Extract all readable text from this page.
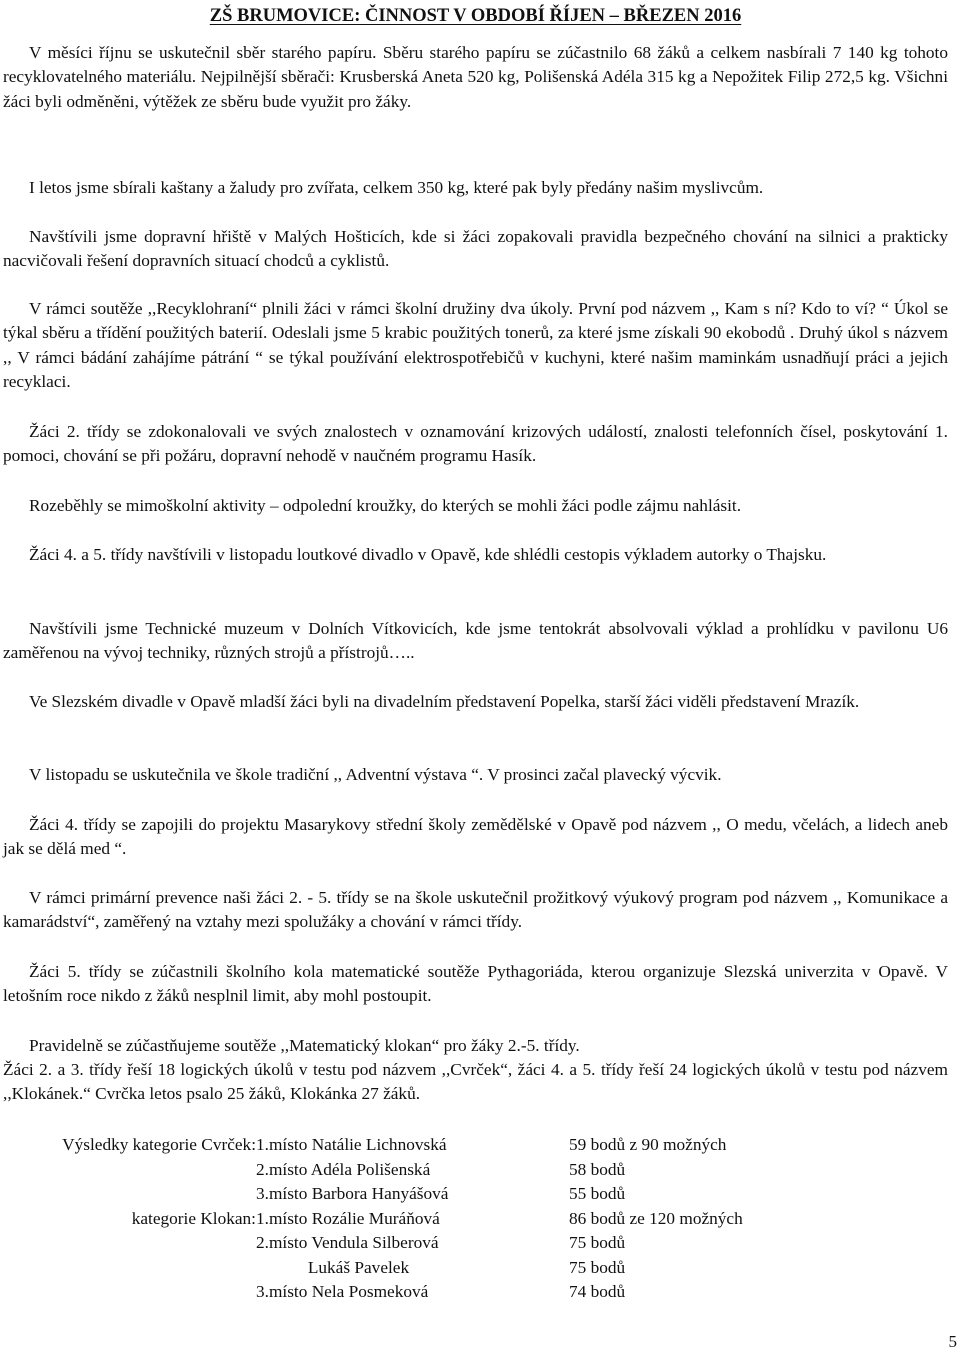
ZŠ BRUMOVICE: ČINNOST V OBDOBÍ ŘÍJEN – BŘEZEN 2016

V měsíci říjnu se uskutečnil sběr starého papíru. Sběru starého papíru se zúčastnilo 68 žáků a celkem nasbírali 7 140 kg tohoto recyklovatelného materiálu. Nejpilnější sběrači: Krusberská Aneta 520 kg, Polišenská Adéla 315 kg a Nepožitek Filip 272,5 kg. Všichni žáci byli odměněni, výtěžek ze sběru bude využit pro žáky.

I letos jsme sbírali kaštany a žaludy pro zvířata, celkem 350 kg, které pak byly předány našim myslivcům.

Navštívili jsme dopravní hřiště v Malých Hošticích, kde si žáci zopakovali pravidla bezpečného chování na silnici a prakticky nacvičovali řešení dopravních situací chodců a cyklistů.

V rámci soutěže ,,Recyklohraní“ plnili žáci v rámci školní družiny dva úkoly. První pod názvem ,, Kam s ní? Kdo to ví? “ Úkol se týkal sběru a třídění použitých baterií. Odeslali jsme 5 krabic použitých tonerů, za které jsme získali 90 ekobodů . Druhý úkol s názvem ,, V rámci bádání zahájíme pátrání “ se týkal používání elektrospotřebičů v kuchyni, které našim maminkám usnadňují práci a jejich recyklaci.

Žáci 2. třídy se zdokonalovali ve svých znalostech v oznamování krizových událostí, znalosti telefonních čísel, poskytování 1. pomoci, chování se při požáru, dopravní nehodě v naučném programu Hasík.

Rozeběhly se mimoškolní aktivity – odpolední kroužky, do kterých se mohli žáci podle zájmu nahlásit.

Žáci 4. a 5. třídy navštívili v listopadu loutkové divadlo v Opavě, kde shlédli cestopis výkladem autorky o Thajsku.

Navštívili jsme Technické muzeum v Dolních Vítkovicích, kde jsme tentokrát absolvovali výklad a prohlídku v pavilonu U6 zaměřenou na vývoj techniky, různých strojů a přístrojů…..

Ve Slezském divadle v Opavě mladší žáci byli na divadelním představení Popelka, starší žáci viděli představení Mrazík.

V listopadu se uskutečnila ve škole tradiční ,, Adventní výstava “. V prosinci začal plavecký výcvik.

Žáci 4. třídy se zapojili do projektu Masarykovy střední školy zemědělské v Opavě pod názvem ,, O medu, včelách, a lidech aneb jak se dělá med “.

V rámci primární prevence naši žáci 2. - 5. třídy se na škole uskutečnil prožitkový výukový program pod názvem ,, Komunikace a kamarádství“, zaměřený na vztahy mezi spolužáky a chování v rámci třídy.

Žáci 5. třídy se zúčastnili školního kola matematické soutěže Pythagoriáda, kterou organizuje Slezská univerzita v Opavě. V letošním roce nikdo z žáků nesplnil limit, aby mohl postoupit.

Pravidelně se zúčastňujeme soutěže ,,Matematický klokan“ pro žáky 2.-5. třídy.

Žáci 2. a 3. třídy řeší 18 logických úkolů v testu pod názvem ,,Cvrček“, žáci 4. a 5. třídy řeší 24 logických úkolů v testu pod názvem ,,Klokánek.“ Cvrčka letos psalo 25 žáků, Klokánka 27 žáků.

Výsledky kategorie Cvrček: 1.místo Natálie Lichnovská	59 bodů z 90 možných
2.místo Adéla Polišenská	58 bodů
3.místo Barbora Hanyášová	55 bodů
kategorie Klokan: 1.místo Rozálie Muráňová	86 bodů ze 120 možných
2.místo Vendula Silberová	75 bodů
Lukáš Pavelek	75 bodů
3.místo Nela Posmeková	74 bodů
5
